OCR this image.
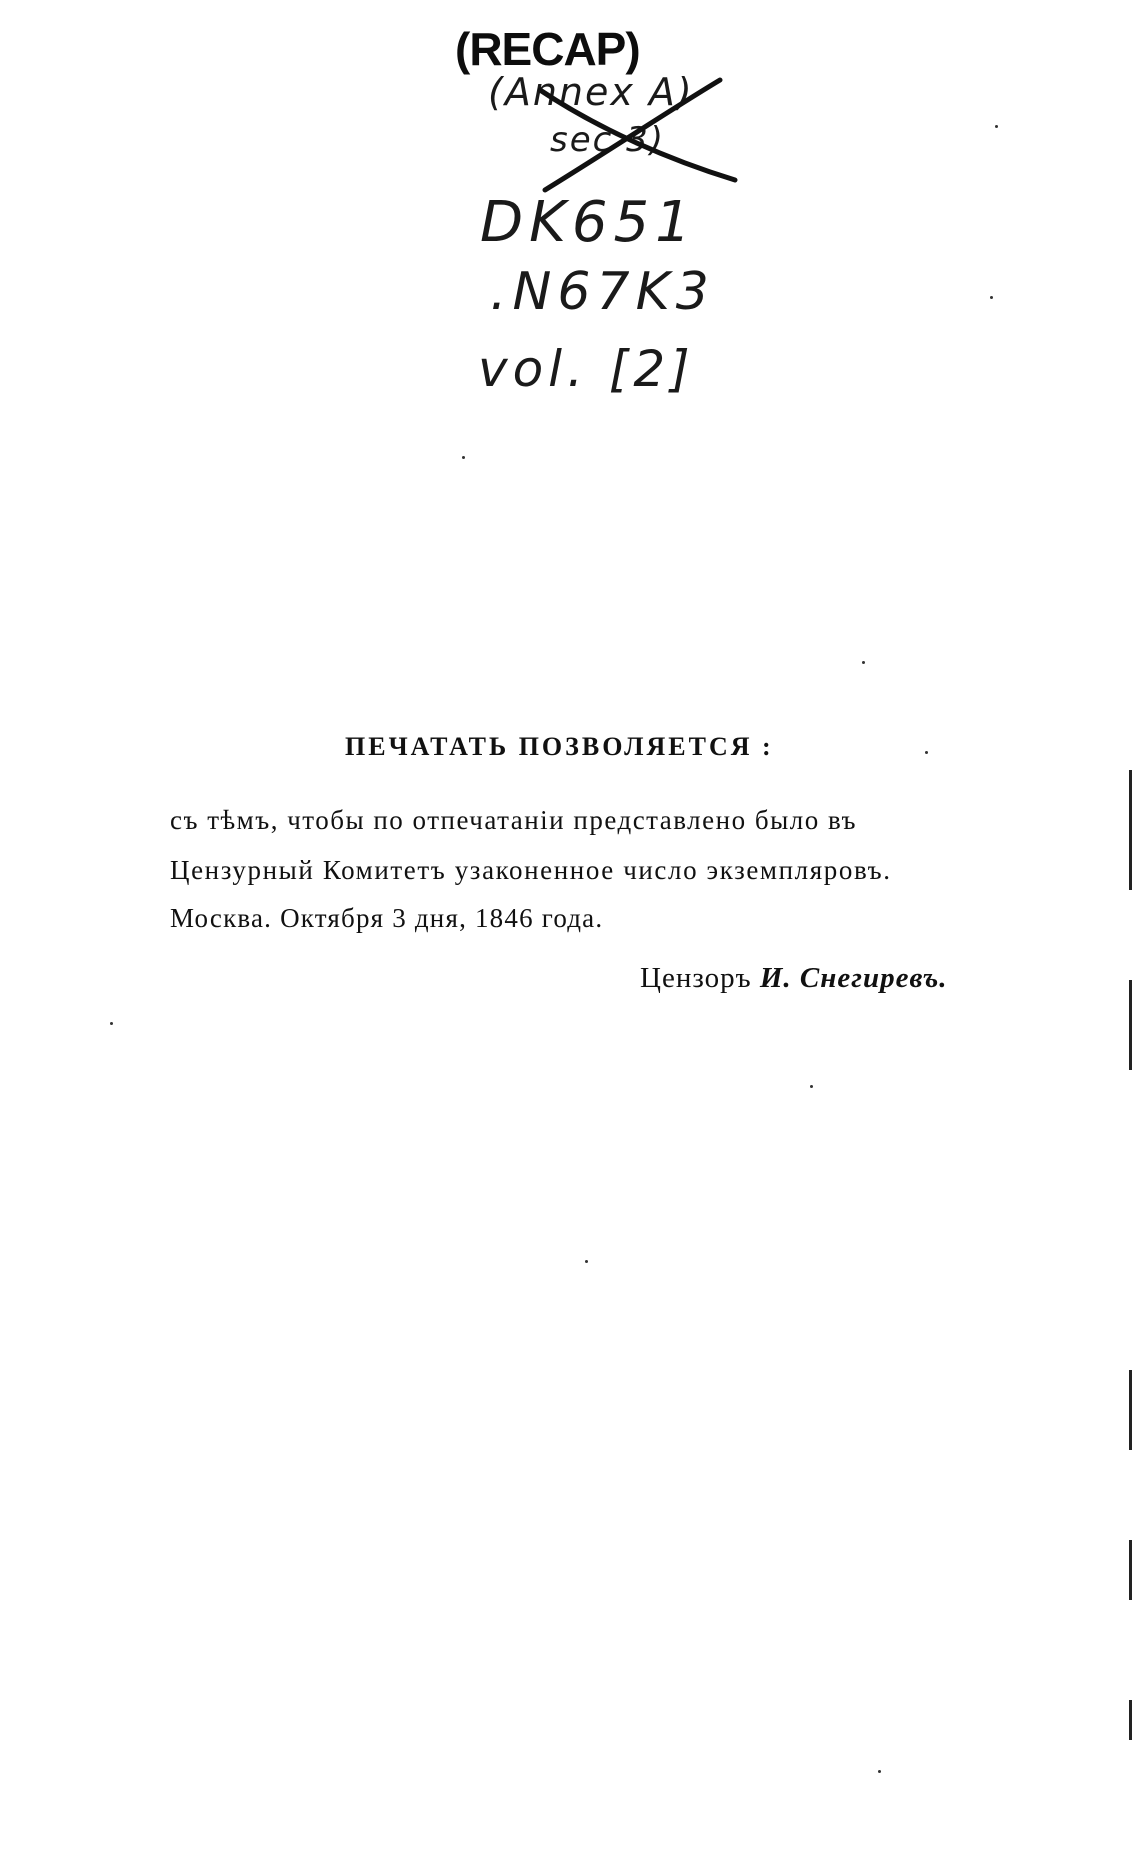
(RECAP)
(Annex A)
sec 3)
DK651
.N67K3
vol. [2]
ПЕЧАТАТЬ ПОЗВОЛЯЕТСЯ :
съ тѣмъ, чтобы по отпечатаніи представлено было въ
Цензурный Комитетъ узаконенное число экземпляровъ.
Москва. Октября 3 дня, 1846 года.
Цензоръ И. Снегиревъ.
